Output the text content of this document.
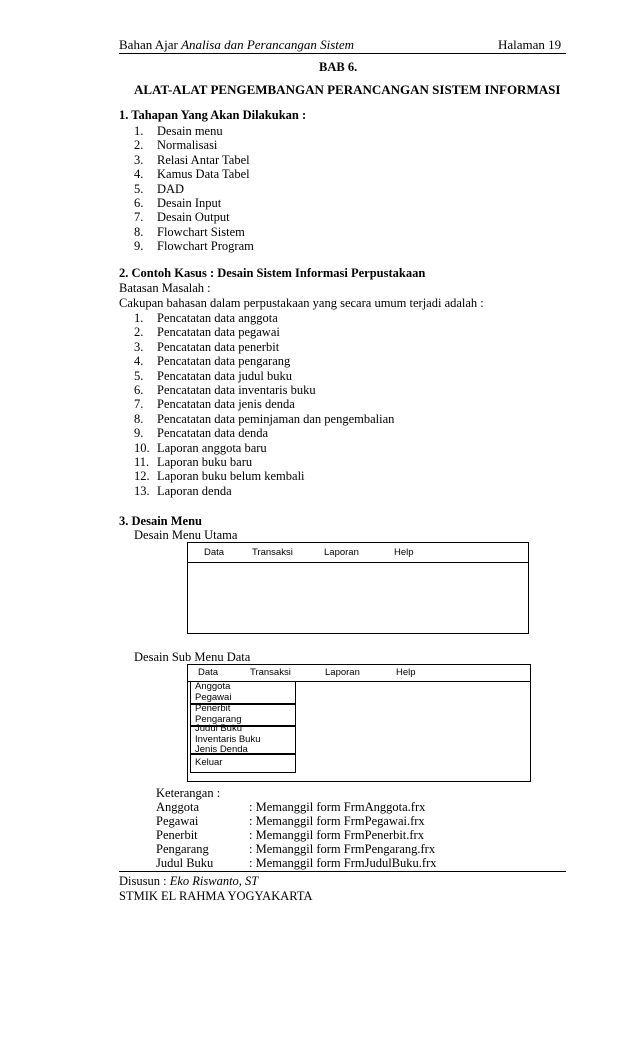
Bahan Ajar Analisa dan Perancangan Sistem	Halaman 19
BAB 6.
ALAT-ALAT PENGEMBANGAN PERANCANGAN SISTEM INFORMASI
1. Tahapan Yang Akan Dilakukan :
1. Desain menu
2. Normalisasi
3. Relasi Antar Tabel
4. Kamus Data Tabel
5. DAD
6. Desain Input
7. Desain Output
8. Flowchart Sistem
9. Flowchart Program
2. Contoh Kasus : Desain Sistem Informasi Perpustakaan
Batasan Masalah :
Cakupan bahasan dalam perpustakaan yang secara umum terjadi adalah :
1. Pencatatan data anggota
2. Pencatatan data pegawai
3. Pencatatan data penerbit
4. Pencatatan data pengarang
5. Pencatatan data judul buku
6. Pencatatan data inventaris buku
7. Pencatatan data jenis denda
8. Pencatatan data peminjaman dan pengembalian
9. Pencatatan data denda
10. Laporan anggota baru
11. Laporan buku baru
12. Laporan buku belum kembali
13. Laporan denda
3. Desain Menu
Desain Menu Utama
Data	Transaksi	Laporan	Help
Desain Sub Menu Data
Data	Transaksi	Laporan	Help
Anggota
Pegawai
Penerbit
Pengarang
Judul Buku
Inventaris Buku
Jenis Denda
Keluar
Keterangan :
Anggota	: Memanggil form FrmAnggota.frx
Pegawai	: Memanggil form FrmPegawai.frx
Penerbit	: Memanggil form FrmPenerbit.frx
Pengarang	: Memanggil form FrmPengarang.frx
Judul Buku	: Memanggil form FrmJudulBuku.frx
Disusun : Eko Riswanto, ST
STMIK EL RAHMA YOGYAKARTA
